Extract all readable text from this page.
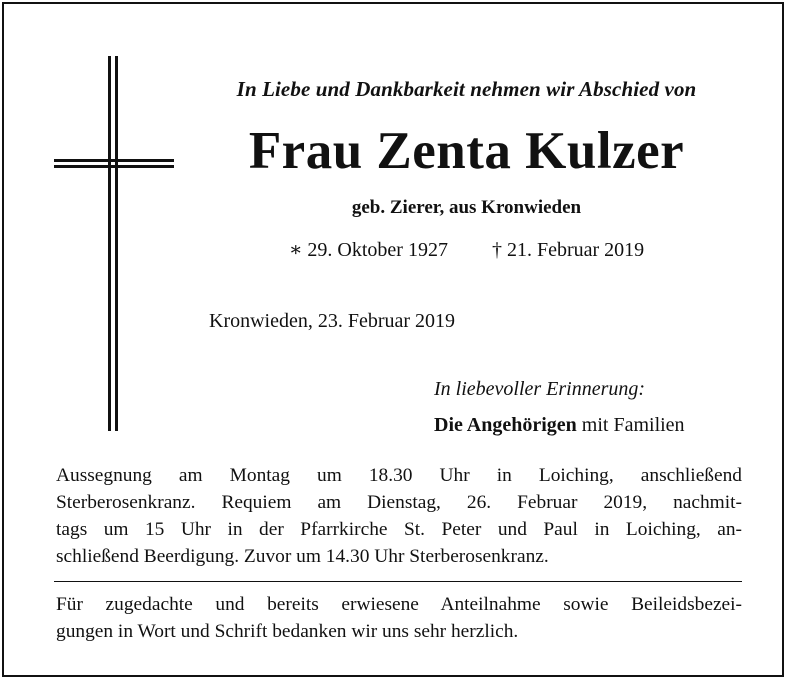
In Liebe und Dankbarkeit nehmen wir Abschied von
Frau Zenta Kulzer
geb. Zierer, aus Kronwieden
∗ 29. Oktober 1927 † 21. Februar 2019
Kronwieden, 23. Februar 2019
In liebevoller Erinnerung:
Die Angehörigen mit Familien
Aussegnung am Montag um 18.30 Uhr in Loiching, anschließend
Sterberosenkranz. Requiem am Dienstag, 26. Februar 2019, nachmit-
tags um 15 Uhr in der Pfarrkirche St. Peter und Paul in Loiching, an-
schließend Beerdigung. Zuvor um 14.30 Uhr Sterberosenkranz.
Für zugedachte und bereits erwiesene Anteilnahme sowie Beileidsbezei-
gungen in Wort und Schrift bedanken wir uns sehr herzlich.
